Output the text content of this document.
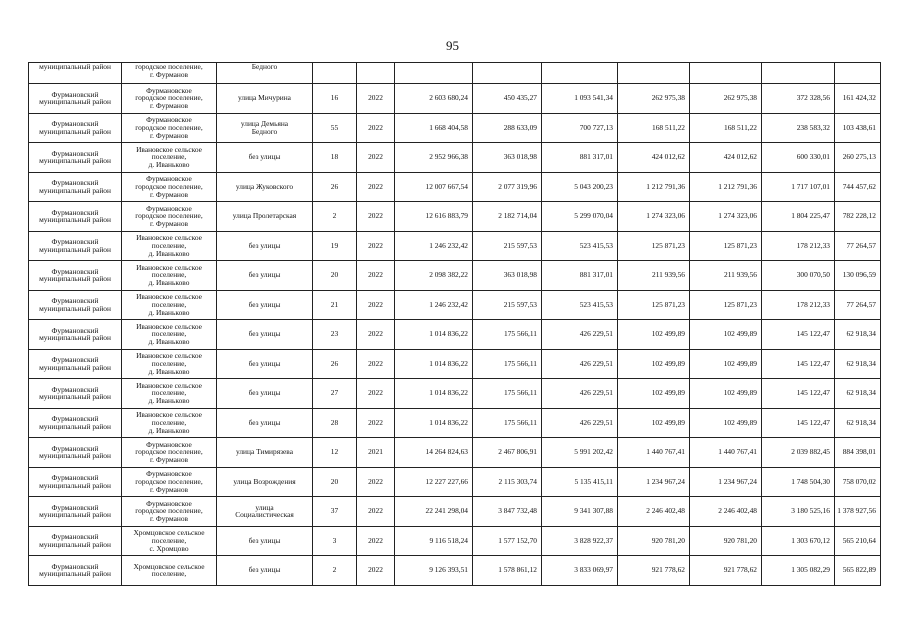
95
муниципальный район	городское поселение,
г. Фурманов	Бедного									
Фурмановский
муниципальный район	Фурмановское
городское поселение,
г. Фурманов	улица Мичурина	16	2022	2 603 680,24	450 435,27	1 093 541,34	262 975,38	262 975,38	372 328,56	161 424,32
Фурмановский
муниципальный район	Фурмановское
городское поселение,
г. Фурманов	улица Демьяна
Бедного	55	2022	1 668 404,58	288 633,09	700 727,13	168 511,22	168 511,22	238 583,32	103 438,61
Фурмановский
муниципальный район	Ивановское сельское
поселение,
д. Иваньково	без улицы	18	2022	2 952 966,38	363 018,98	881 317,01	424 012,62	424 012,62	600 330,01	260 275,13
Фурмановский
муниципальный район	Фурмановское
городское поселение,
г. Фурманов	улица Жуковского	26	2022	12 007 667,54	2 077 319,96	5 043 200,23	1 212 791,36	1 212 791,36	1 717 107,01	744 457,62
Фурмановский
муниципальный район	Фурмановское
городское поселение,
г. Фурманов	улица Пролетарская	2	2022	12 616 883,79	2 182 714,04	5 299 070,04	1 274 323,06	1 274 323,06	1 804 225,47	782 228,12
Фурмановский
муниципальный район	Ивановское сельское
поселение,
д. Иваньково	без улицы	19	2022	1 246 232,42	215 597,53	523 415,53	125 871,23	125 871,23	178 212,33	77 264,57
Фурмановский
муниципальный район	Ивановское сельское
поселение,
д. Иваньково	без улицы	20	2022	2 098 382,22	363 018,98	881 317,01	211 939,56	211 939,56	300 070,50	130 096,59
Фурмановский
муниципальный район	Ивановское сельское
поселение,
д. Иваньково	без улицы	21	2022	1 246 232,42	215 597,53	523 415,53	125 871,23	125 871,23	178 212,33	77 264,57
Фурмановский
муниципальный район	Ивановское сельское
поселение,
д. Иваньково	без улицы	23	2022	1 014 836,22	175 566,11	426 229,51	102 499,89	102 499,89	145 122,47	62 918,34
Фурмановский
муниципальный район	Ивановское сельское
поселение,
д. Иваньково	без улицы	26	2022	1 014 836,22	175 566,11	426 229,51	102 499,89	102 499,89	145 122,47	62 918,34
Фурмановский
муниципальный район	Ивановское сельское
поселение,
д. Иваньково	без улицы	27	2022	1 014 836,22	175 566,11	426 229,51	102 499,89	102 499,89	145 122,47	62 918,34
Фурмановский
муниципальный район	Ивановское сельское
поселение,
д. Иваньково	без улицы	28	2022	1 014 836,22	175 566,11	426 229,51	102 499,89	102 499,89	145 122,47	62 918,34
Фурмановский
муниципальный район	Фурмановское
городское поселение,
г. Фурманов	улица Тимирязева	12	2021	14 264 824,63	2 467 806,91	5 991 202,42	1 440 767,41	1 440 767,41	2 039 882,45	884 398,01
Фурмановский
муниципальный район	Фурмановское
городское поселение,
г. Фурманов	улица Возрождения	20	2022	12 227 227,66	2 115 303,74	5 135 415,11	1 234 967,24	1 234 967,24	1 748 504,30	758 070,02
Фурмановский
муниципальный район	Фурмановское
городское поселение,
г. Фурманов	улица
Социалистическая	37	2022	22 241 298,04	3 847 732,48	9 341 307,88	2 246 402,48	2 246 402,48	3 180 525,16	1 378 927,56
Фурмановский
муниципальный район	Хромцовское сельское
поселение,
с. Хромцово	без улицы	3	2022	9 116 518,24	1 577 152,70	3 828 922,37	920 781,20	920 781,20	1 303 670,12	565 210,64
Фурмановский
муниципальный район	Хромцовское сельское
поселение,	без улицы	2	2022	9 126 393,51	1 578 861,12	3 833 069,97	921 778,62	921 778,62	1 305 082,29	565 822,89
